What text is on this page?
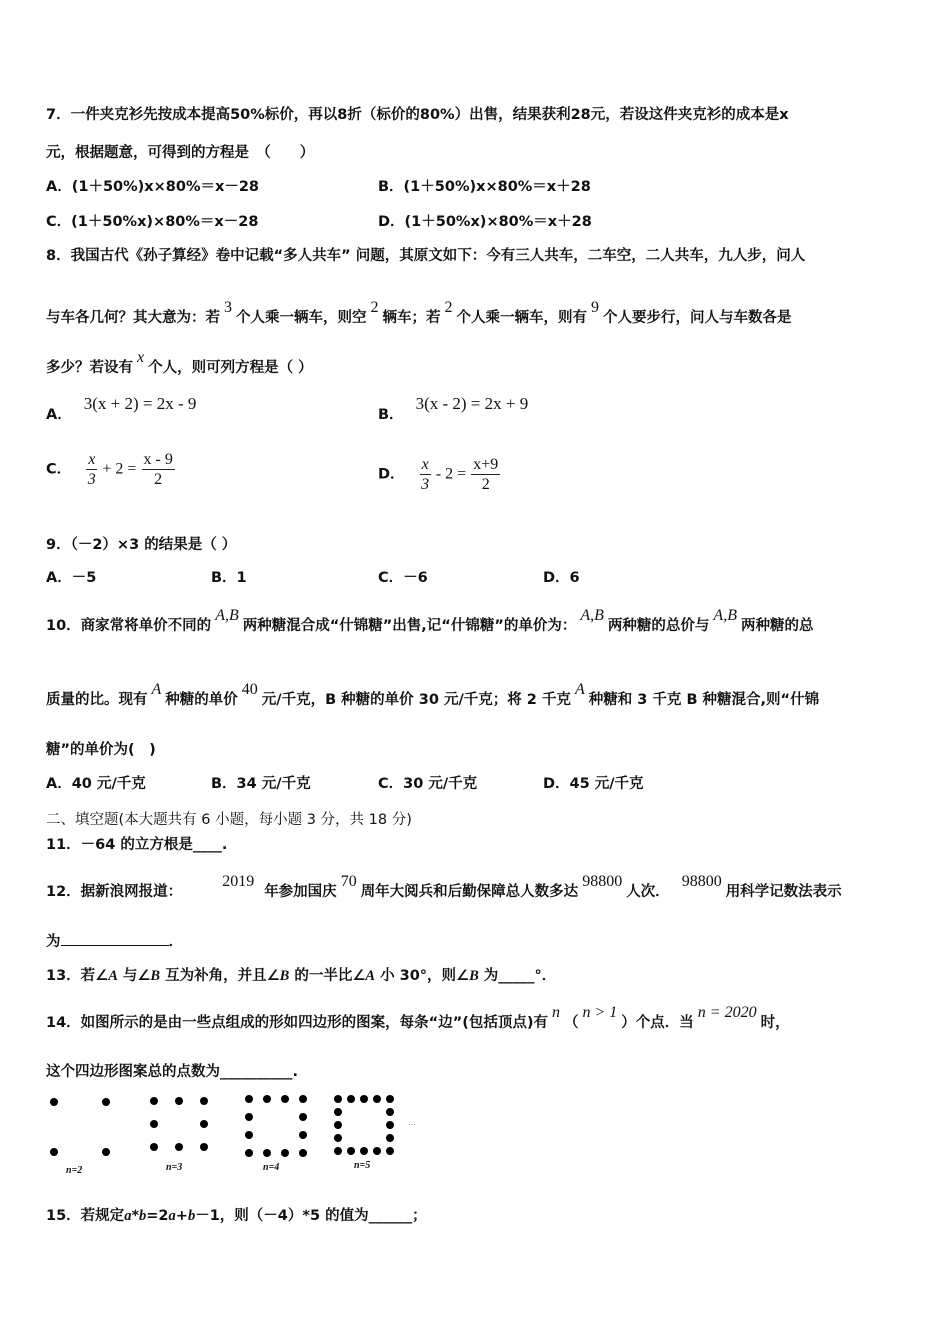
7．一件夹克衫先按成本提高50%标价，再以8折（标价的80%）出售，结果获利28元，若设这件夹克衫的成本是x
元，根据题意，可得到的方程是　（　　）
A．(1＋50%)x×80%＝x－28	B．(1＋50%)x×80%＝x＋28
C．(1＋50%x)×80%＝x－28	D．(1＋50%x)×80%＝x＋28
8．我国古代《孙子算经》卷中记载“多人共车” 问题，其原文如下：今有三人共车，二车空，二人共车，九人步，问人
与车各几何？其大意为：若3个人乘一辆车，则空2辆车；若2个人乘一辆车，则有9个人要步行，问人与车数各是
多少？若设有x个人，则可列方程是（ ）
A．3(x + 2) = 2x - 9
B．3(x - 2) = 2x + 9
C． $\frac{x}{3} + 2 = \frac{x - 9}{2}$	D． $\frac{x}{3} - 2 = \frac{x+9}{2}$
9．（－2）×3 的结果是（ ）
A．－5	B．1	C．－6	D．6
10．商家常将单价不同的A,B两种糖混合成“什锦糖”出售,记“什锦糖”的单价为：A,B两种糖的总价与A,B两种糖的总
质量的比。现有A种糖的单价40元/千克，B 种糖的单价 30 元/千克；将 2 千克A种糖和 3 千克 B 种糖混合,则“什锦
糖”的单价为(　)
A．40 元/千克	B．34 元/千克	C．30 元/千克	D．45 元/千克
二、填空题(本大题共有 6 小题，每小题 3 分，共 18 分)
11．－64 的立方根是____.
12．据新浪网报道：2019年参加国庆70周年大阅兵和后勤保障总人数多达98800人次．98800用科学记数法表示
为	．
13．若∠A 与∠B 互为补角，并且∠B 的一半比∠A 小 30°，则∠B 为_____°．
14．如图所示的是由一些点组成的形如四边形的图案，每条“边”(包括顶点)有n（n > 1）个点．当n = 2020时，
这个四边形图案总的点数为__________.
n=2	n=3	n=4	n=5
…
15．若规定a*b=2a+b－1，则（－4）*5 的值为______；
